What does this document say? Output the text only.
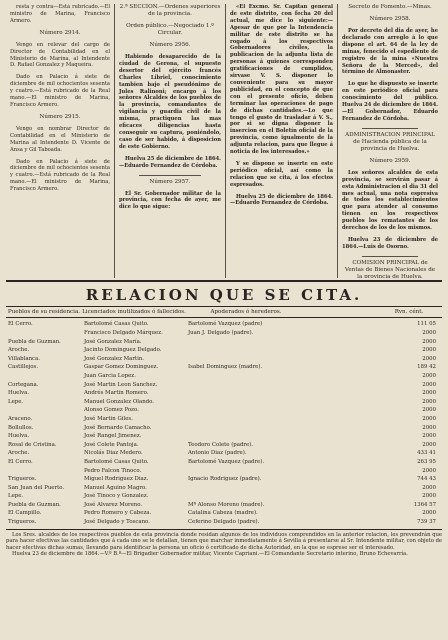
resta y contra—Está rubricado.—El ministro de Marina, Francisco Armero.

Número 2914.

Vengo en relevar del cargo de Director de Contabilidad en el Ministerio de Marina, al Intendente D. Rafael Gonzalez y Maqueira.

Dado en Palacio á siete de diciembre de mil ochocientos sesenta y cuatro.—Está rubricado de la Real mano.—El ministro de Marina, Francisco Armero.

Número 2915.

Vengo en nombrar Director de Contabilidad en el Ministerio de Marina al Intendente D. Vicente de Ansa y Gil Taboada.

Dado en Palacio á siete de diciembre de mil ochocientos sesenta y cuatro.—Está rubricado de la Real mano.—El ministro de Marina, Francisco Armero.

2.ª SECCION.—Órdenes superiores de la provincia.
Orden público.—Negociado 1.º Circular.
Número 2956.

Habiendo desaparecido de la ciudad de Gerona, el supuesto desertor del ejército francés Charles Libriel, conocimiento tambien bajo el pseudónimo de Jules Ralinoni; encargo á los señores Alcaldes de los pueblos de la provincia, comandantes de vigilancia y guardia civil de la misma, practiquen las mas eficaces diligencias hasta conseguir su captura, poniéndolo, caso de ser habido, á disposicion de este Gobierno.

Huelva 25 de diciembre de 1864.—Eduardo Fernandez de Córdoba.

Número 2957.

El Sr. Gobernador militar de la provincia, con fecha de ayer, me dice lo que sigue:

«El Excmo. Sr. Capitan general de este distrito, con fecha 20 del actual, me dice lo siguiente:—Apesar de que por la Intendencia militar de este distrito se ha rogado á los respectivos Gobernadores civiles, la publicacion de la adjunta lista de personas á quienes corresponden gratificaciones de cumplidos, sirvase V. S. disponer lo conveniente para su mayor publicidad, en el concepto de que con el presente oficio, deben terminar las operaciones de pago de dichas cantidades.—Lo que tengo el gusto de trasladar á V. S., por si se digna disponer la insercion en el Boletín oficial de la provincia, como igualmente de la adjunta relacion, para que llegue á noticia de los interesados.»

Y se dispone se inserte en este periódico oficial, así como la relacion que se cita, á los efectos espresados.

Huelva 25 de diciembre de 1864.—Eduardo Fernandez de Córdoba.

Secreto de Fomento.—Minas.
Número 2958.

Por decreto del dia de ayer, he declarado con arreglo á lo que dispone el art. 64 de la ley de minas, fenecido el espediente de registro de la mina «Nuestra Señora de la Merced», del término de Almonaster.

Lo que he dispuesto se inserte en este periódico oficial para conocimiento del público. Huelva 24 de diciembre de 1864.—El Gobernador, Eduardo Fernandez de Córdoba.

ADMINISTRACION PRINCIPAL de Hacienda pública de la provincia de Huelva.
Número 2959.

Los señores alcaldes de esta provincia, se servirán pasar á esta Administracion el dia 31 del mes actual, una nota espresiva de todos los establecimientos que para atender al consumo tienen en los respectivos pueblos los rematantes de los derechos de los de los mismos.

Huelva 23 de diciembre de 1864.—Luis de Osorno.

COMISION PRINCIPAL de Ventas de Bienes Nacionales de la provincia de Huelva.

RELACION QUE SE CITA.
Pueblos de su residencia. Licenciados inutilizados ó fallecidos.	Apoderados ó herederos.	Rvn. cént.
El Cerro.	Bartolomé Casas Quito.	Bartolomé Vazquez (padre)	111 05
Francisco Delgado Márquez.	Juan J. Delgado (padre).	2000
Puebla de Guzman.	José Gonzalez María.	2000
Aroche.	Jacinto Dominguez Delgado.	2000
Villablanca.	José Gonzalez Martin.	2000
Castillejos.	Gaspar Gomez Dominguez.	Isabel Dominguez (madre).	189 42
Juan Garcia Lopez.	2000
Cortegana.	José Martin Leon Sanchez.	2000
Huelva.	Andrés Martin Romero.	2000
Lepe.	Manuel Gonzalez Olando.	2000
Alonso Gomez Pozo.	2000
Araceno.	José Martin Giles.	2000
Bollullos.	José Bernardo Camacho.	2000
Huelva.	José Rangel Jimenez.	2000
Rosal de Cristina.	José Colete Pantoja.	Teodoro Colete (padre).	2000
Aroche.	Nicolás Diaz Medero.	Antonio Diaz (padre).	433 41
El Cerro.	Bartolomé Casas Quito.	Bartolomé Vazquez (padre).	263 95
Pedro Falcon Tinoco.	2000
Trigueros.	Miguel Rodriguez Diaz.	Ignacio Rodriguez (padre).	744 43
San Juan del Puerto.	Manuel Aguino Magro.	2000
Lepe.	José Tinoco y Gonzalez.	2000
Puebla de Guzman.	José Alvarez Moreno.	Mª Alonso Moreno (madre).	1364 57
El Campillo.	Pedro Romero y Cabeza.	Catalina Cabeza (madre).	2000
Trigueros.	José Delgado y Toscano.	Ceferino Delgado (padre).	739 37

Los Sres. alcaldes de los respectivos pueblos de esta provincia donde residan algunos de los individuos comprendidos en la anterior relacion, les prevendrán que para hacer efectivas las cantidades que á cada uno se le detallan, tienen que marchar inmediatamente á Sevilla á presentarse al Sr. Intendente militar, con objeto de hacer efectivas dichas sumas, llevando para identificar la persona un oficio ó certificado de dicha Autoridad, en la que se esprese ser el interesado.

Huelva 23 de diciembre de 1864.—V.º B.º—El Brigadier Gobernador militar, Vicente Capriani.—El Comandante Secretario interino, Bruno Echevarría.
